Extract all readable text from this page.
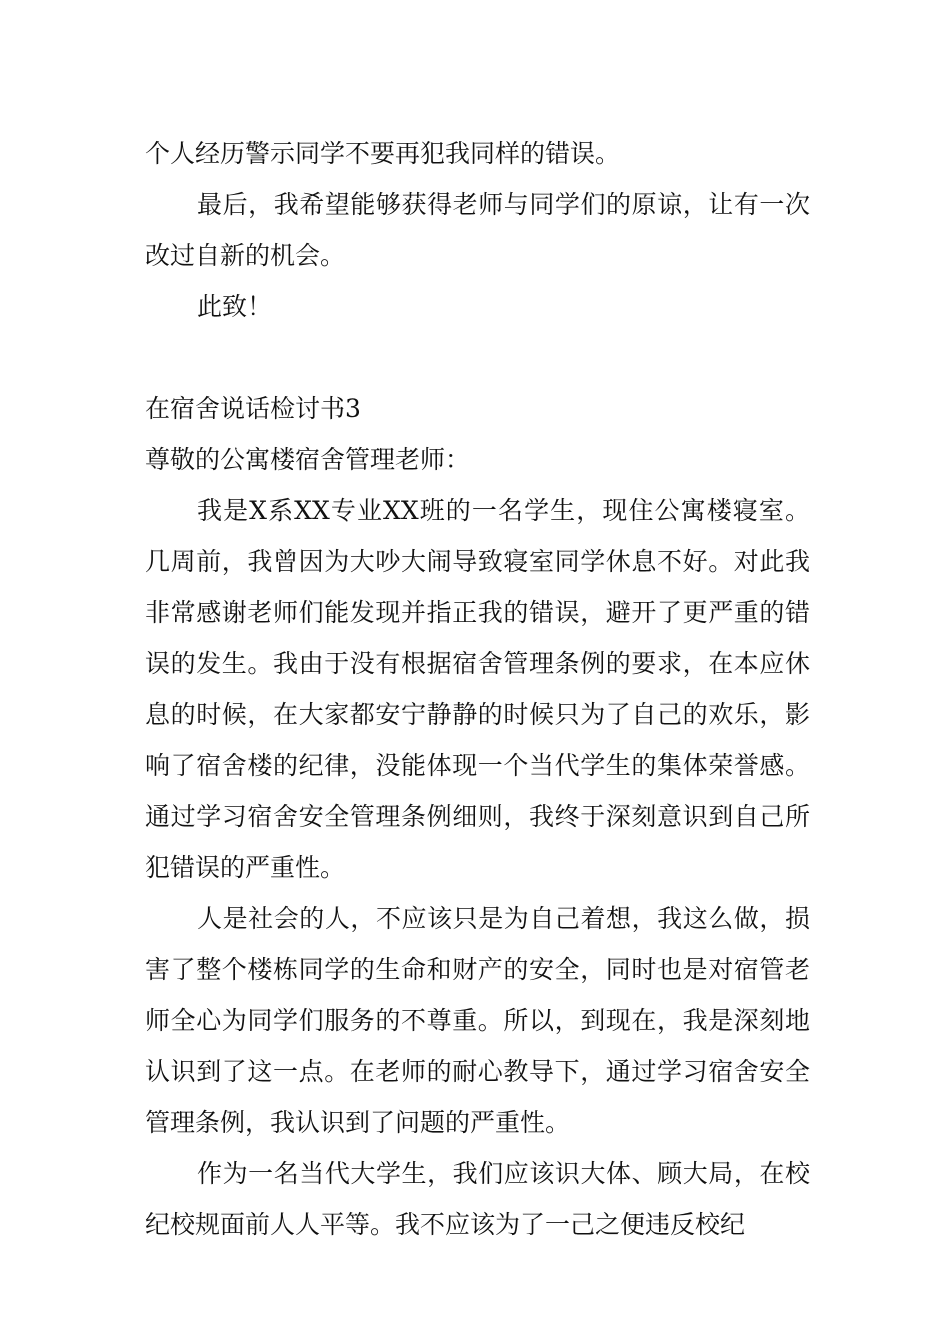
个人经历警示同学不要再犯我同样的错误。

最后，我希望能够获得老师与同学们的原谅，让有一次改过自新的机会。

此致！

在宿舍说话检讨书3

尊敬的公寓楼宿舍管理老师：

我是X系XX专业XX班的一名学生，现住公寓楼寝室。几周前，我曾因为大吵大闹导致寝室同学休息不好。对此我非常感谢老师们能发现并指正我的错误，避开了更严重的错误的发生。我由于没有根据宿舍管理条例的要求，在本应休息的时候，在大家都安宁静静的时候只为了自己的欢乐，影响了宿舍楼的纪律，没能体现一个当代学生的集体荣誉感。通过学习宿舍安全管理条例细则，我终于深刻意识到自己所犯错误的严重性。

人是社会的人，不应该只是为自己着想，我这么做，损害了整个楼栋同学的生命和财产的安全，同时也是对宿管老师全心为同学们服务的不尊重。所以，到现在，我是深刻地认识到了这一点。在老师的耐心教导下，通过学习宿舍安全管理条例，我认识到了问题的严重性。

作为一名当代大学生，我们应该识大体、顾大局，在校纪校规面前人人平等。我不应该为了一己之便违反校纪
